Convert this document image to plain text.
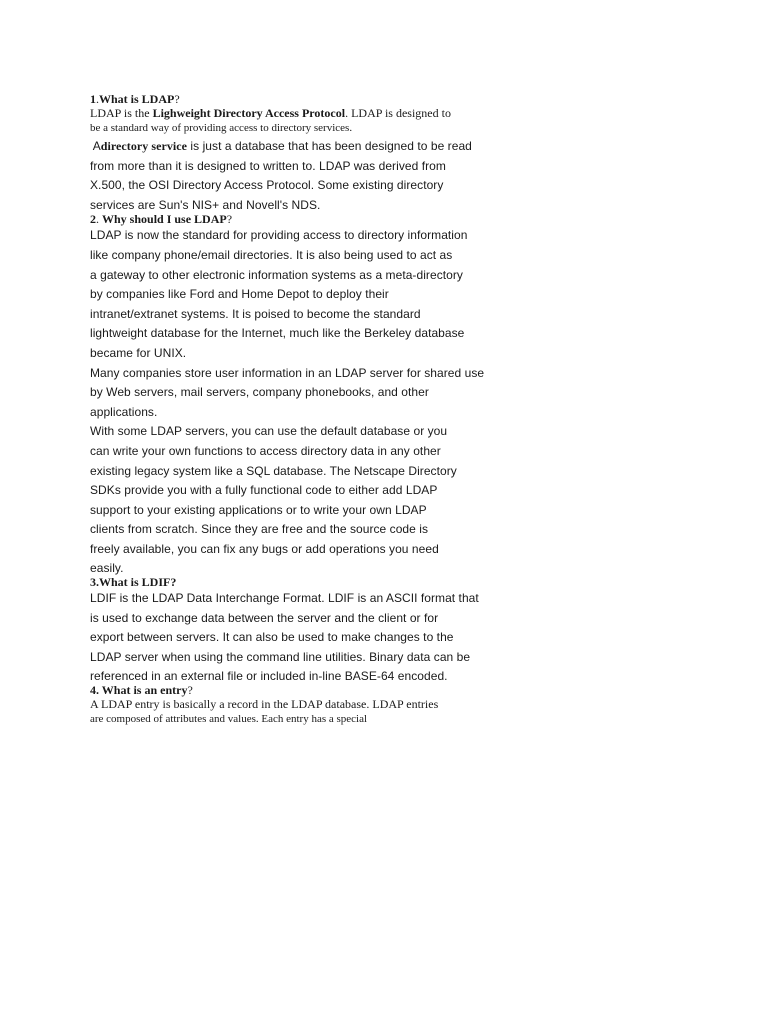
1.What is LDAP?
LDAP is the Lighweight Directory Access Protocol. LDAP is designed to
be a standard way of providing access to directory services.
Adirectory service is just a database that has been designed to be read
from more than it is designed to written to. LDAP was derived from
X.500, the OSI Directory Access Protocol. Some existing directory
services are Sun's NIS+ and Novell's NDS.
2. Why should I use LDAP?
LDAP is now the standard for providing access to directory information
like company phone/email directories. It is also being used to act as
a gateway to other electronic information systems as a meta-directory
by companies like Ford and Home Depot to deploy their
intranet/extranet systems. It is poised to become the standard
lightweight database for the Internet, much like the Berkeley database
became for UNIX.
Many companies store user information in an LDAP server for shared use
by Web servers, mail servers, company phonebooks, and other
applications.
With some LDAP servers, you can use the default database or you
can write your own functions to access directory data in any other
existing legacy system like a SQL database. The Netscape Directory
SDKs provide you with a fully functional code to either add LDAP
support to your existing applications or to write your own LDAP
clients from scratch. Since they are free and the source code is
freely available, you can fix any bugs or add operations you need
easily.
3.What is LDIF?
LDIF is the LDAP Data Interchange Format. LDIF is an ASCII format that
is used to exchange data between the server and the client or for
export between servers. It can also be used to make changes to the
LDAP server when using the command line utilities. Binary data can be
referenced in an external file or included in-line BASE-64 encoded.
4. What is an entry?
A LDAP entry is basically a record in the LDAP database. LDAP entries
are composed of attributes and values. Each entry has a special
